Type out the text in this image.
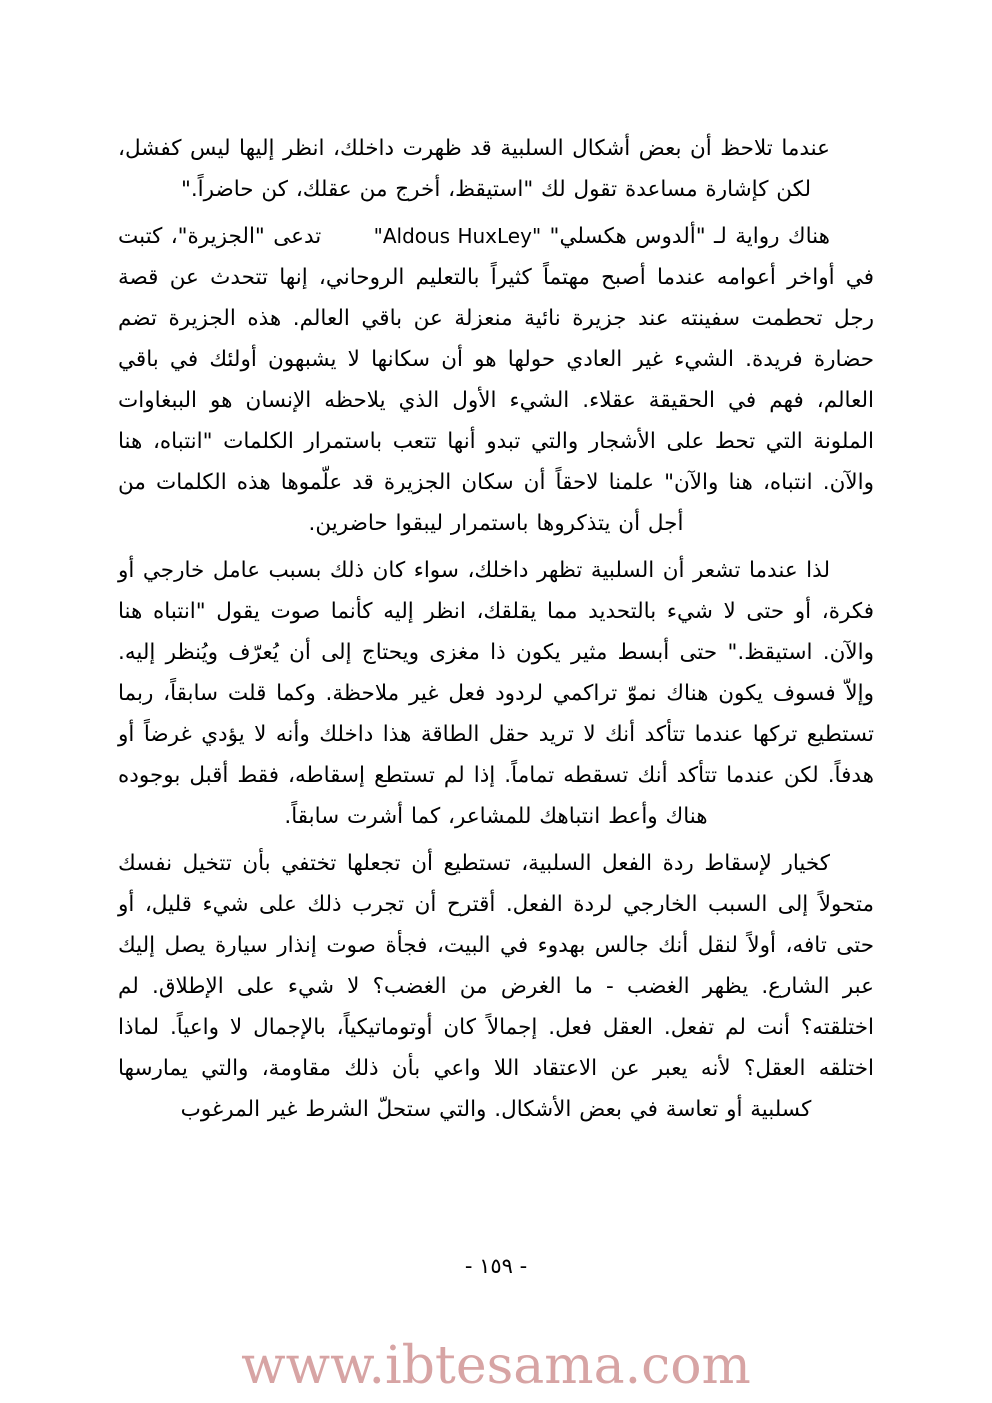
عندما تلاحظ أن بعض أشكال السلبية قد ظهرت داخلك، انظر إليها ليس كفشل، لكن كإشارة مساعدة تقول لك "استيقظ، أخرج من عقلك، كن حاضراً."

هناك رواية لـ "ألدوس هكسلي" "Aldous HuxLey" تدعى "الجزيرة"، كتبت في أواخر أعوامه عندما أصبح مهتماً كثيراً بالتعليم الروحاني، إنها تتحدث عن قصة رجل تحطمت سفينته عند جزيرة نائية منعزلة عن باقي العالم. هذه الجزيرة تضم حضارة فريدة. الشيء غير العادي حولها هو أن سكانها لا يشبهون أولئك في باقي العالم، فهم في الحقيقة عقلاء. الشيء الأول الذي يلاحظه الإنسان هو الببغاوات الملونة التي تحط على الأشجار والتي تبدو أنها تتعب باستمرار الكلمات "انتباه، هنا والآن. انتباه، هنا والآن" علمنا لاحقاً أن سكان الجزيرة قد علّموها هذه الكلمات من أجل أن يتذكروها باستمرار ليبقوا حاضرين.

لذا عندما تشعر أن السلبية تظهر داخلك، سواء كان ذلك بسبب عامل خارجي أو فكرة، أو حتى لا شيء بالتحديد مما يقلقك، انظر إليه كأنما صوت يقول "انتباه هنا والآن. استيقظ." حتى أبسط مثير يكون ذا مغزى ويحتاج إلى أن يُعرّف ويُنظر إليه. وإلاّ فسوف يكون هناك نموّ تراكمي لردود فعل غير ملاحظة. وكما قلت سابقاً، ربما تستطيع تركها عندما تتأكد أنك لا تريد حقل الطاقة هذا داخلك وأنه لا يؤدي غرضاً أو هدفاً. لكن عندما تتأكد أنك تسقطه تماماً. إذا لم تستطع إسقاطه، فقط أقبل بوجوده هناك وأعط انتباهك للمشاعر، كما أشرت سابقاً.

كخيار لإسقاط ردة الفعل السلبية، تستطيع أن تجعلها تختفي بأن تتخيل نفسك متحولاً إلى السبب الخارجي لردة الفعل. أقترح أن تجرب ذلك على شيء قليل، أو حتى تافه، أولاً لنقل أنك جالس بهدوء في البيت، فجأة صوت إنذار سيارة يصل إليك عبر الشارع. يظهر الغضب - ما الغرض من الغضب؟ لا شيء على الإطلاق. لم اختلقته؟ أنت لم تفعل. العقل فعل. إجمالاً كان أوتوماتيكياً، بالإجمال لا واعياً. لماذا اختلقه العقل؟ لأنه يعبر عن الاعتقاد اللا واعي بأن ذلك مقاومة، والتي يمارسها كسلبية أو تعاسة في بعض الأشكال. والتي ستحلّ الشرط غير المرغوب

- ١٥٩ -
www.ibtesama.com
